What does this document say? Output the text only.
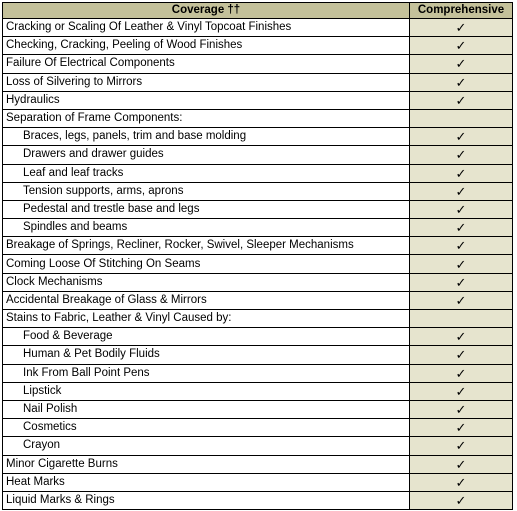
Coverage ††	Comprehensive
Cracking or Scaling Of Leather & Vinyl Topcoat Finishes	✓
Checking, Cracking, Peeling of Wood Finishes	✓
Failure Of Electrical Components	✓
Loss of Silvering to Mirrors	✓
Hydraulics	✓
Separation of Frame Components:	
Braces, legs, panels, trim and base molding	✓
Drawers and drawer guides	✓
Leaf and leaf tracks	✓
Tension supports, arms, aprons	✓
Pedestal and trestle base and legs	✓
Spindles and beams	✓
Breakage of Springs, Recliner, Rocker, Swivel, Sleeper Mechanisms	✓
Coming Loose Of Stitching On Seams	✓
Clock Mechanisms	✓
Accidental Breakage of Glass & Mirrors	✓
Stains to Fabric, Leather & Vinyl Caused by:	
Food & Beverage	✓
Human & Pet Bodily Fluids	✓
Ink From Ball Point Pens	✓
Lipstick	✓
Nail Polish	✓
Cosmetics	✓
Crayon	✓
Minor Cigarette Burns	✓
Heat Marks	✓
Liquid Marks & Rings	✓
